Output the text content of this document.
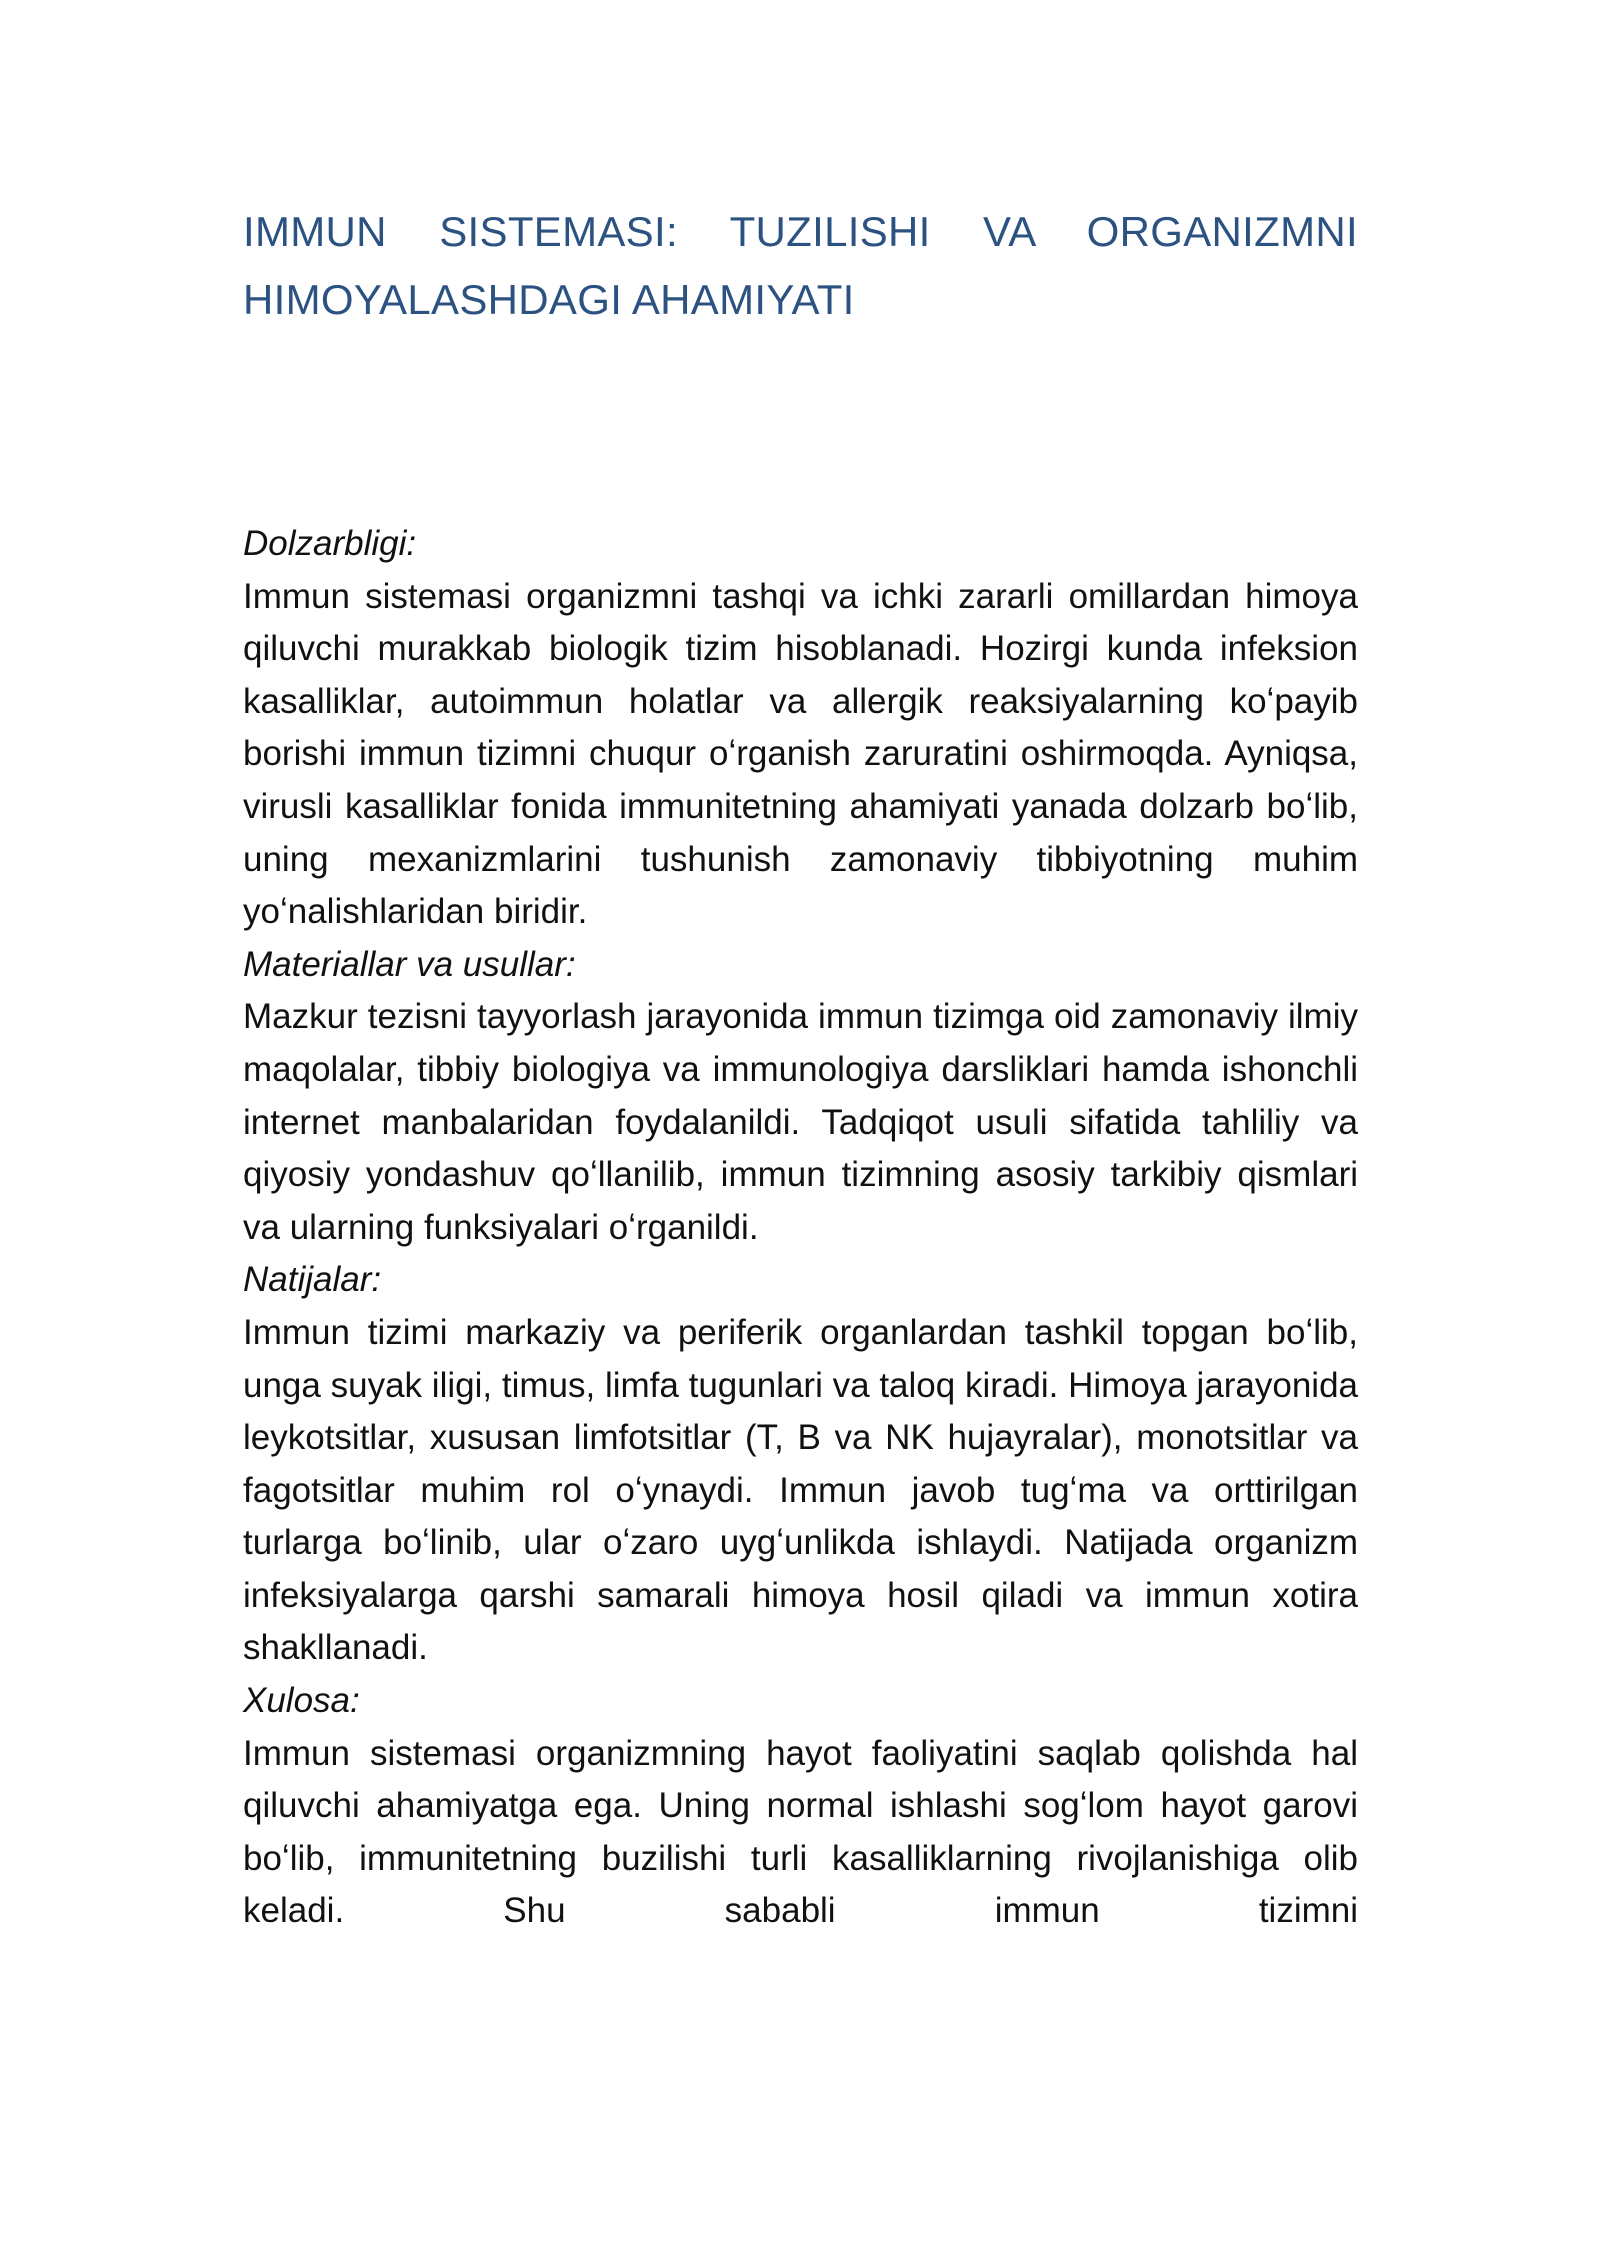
IMMUN SISTEMASI: TUZILISHI VA ORGANIZMNI HIMOYALASHDAGI AHAMIYATI

Dolzarbligi:

Immun sistemasi organizmni tashqi va ichki zararli omillardan himoya qiluvchi murakkab biologik tizim hisoblanadi. Hozirgi kunda infeksion kasalliklar, autoimmun holatlar va allergik reaksiyalarning koʻpayib borishi immun tizimni chuqur oʻrganish zaruratini oshirmoqda. Ayniqsa, virusli kasalliklar fonida immunitetning ahamiyati yanada dolzarb boʻlib, uning mexanizmlarini tushunish zamonaviy tibbiyotning muhim yoʻnalishlaridan biridir.

Materiallar va usullar:

Mazkur tezisni tayyorlash jarayonida immun tizimga oid zamonaviy ilmiy maqolalar, tibbiy biologiya va immunologiya darsliklari hamda ishonchli internet manbalaridan foydalanildi. Tadqiqot usuli sifatida tahliliy va qiyosiy yondashuv qoʻllanilib, immun tizimning asosiy tarkibiy qismlari va ularning funksiyalari oʻrganildi.

Natijalar:

Immun tizimi markaziy va periferik organlardan tashkil topgan boʻlib, unga suyak iligi, timus, limfa tugunlari va taloq kiradi. Himoya jarayonida leykotsitlar, xususan limfotsitlar (T, B va NK hujayralar), monotsitlar va fagotsitlar muhim rol oʻynaydi. Immun javob tugʻma va orttirilgan turlarga boʻlinib, ular oʻzaro uygʻunlikda ishlaydi. Natijada organizm infeksiyalarga qarshi samarali himoya hosil qiladi va immun xotira shakllanadi.

Xulosa:

Immun sistemasi organizmning hayot faoliyatini saqlab qolishda hal qiluvchi ahamiyatga ega. Uning normal ishlashi sogʻlom hayot garovi boʻlib, immunitetning buzilishi turli kasalliklarning rivojlanishiga olib keladi. Shu sababli immun tizimni
